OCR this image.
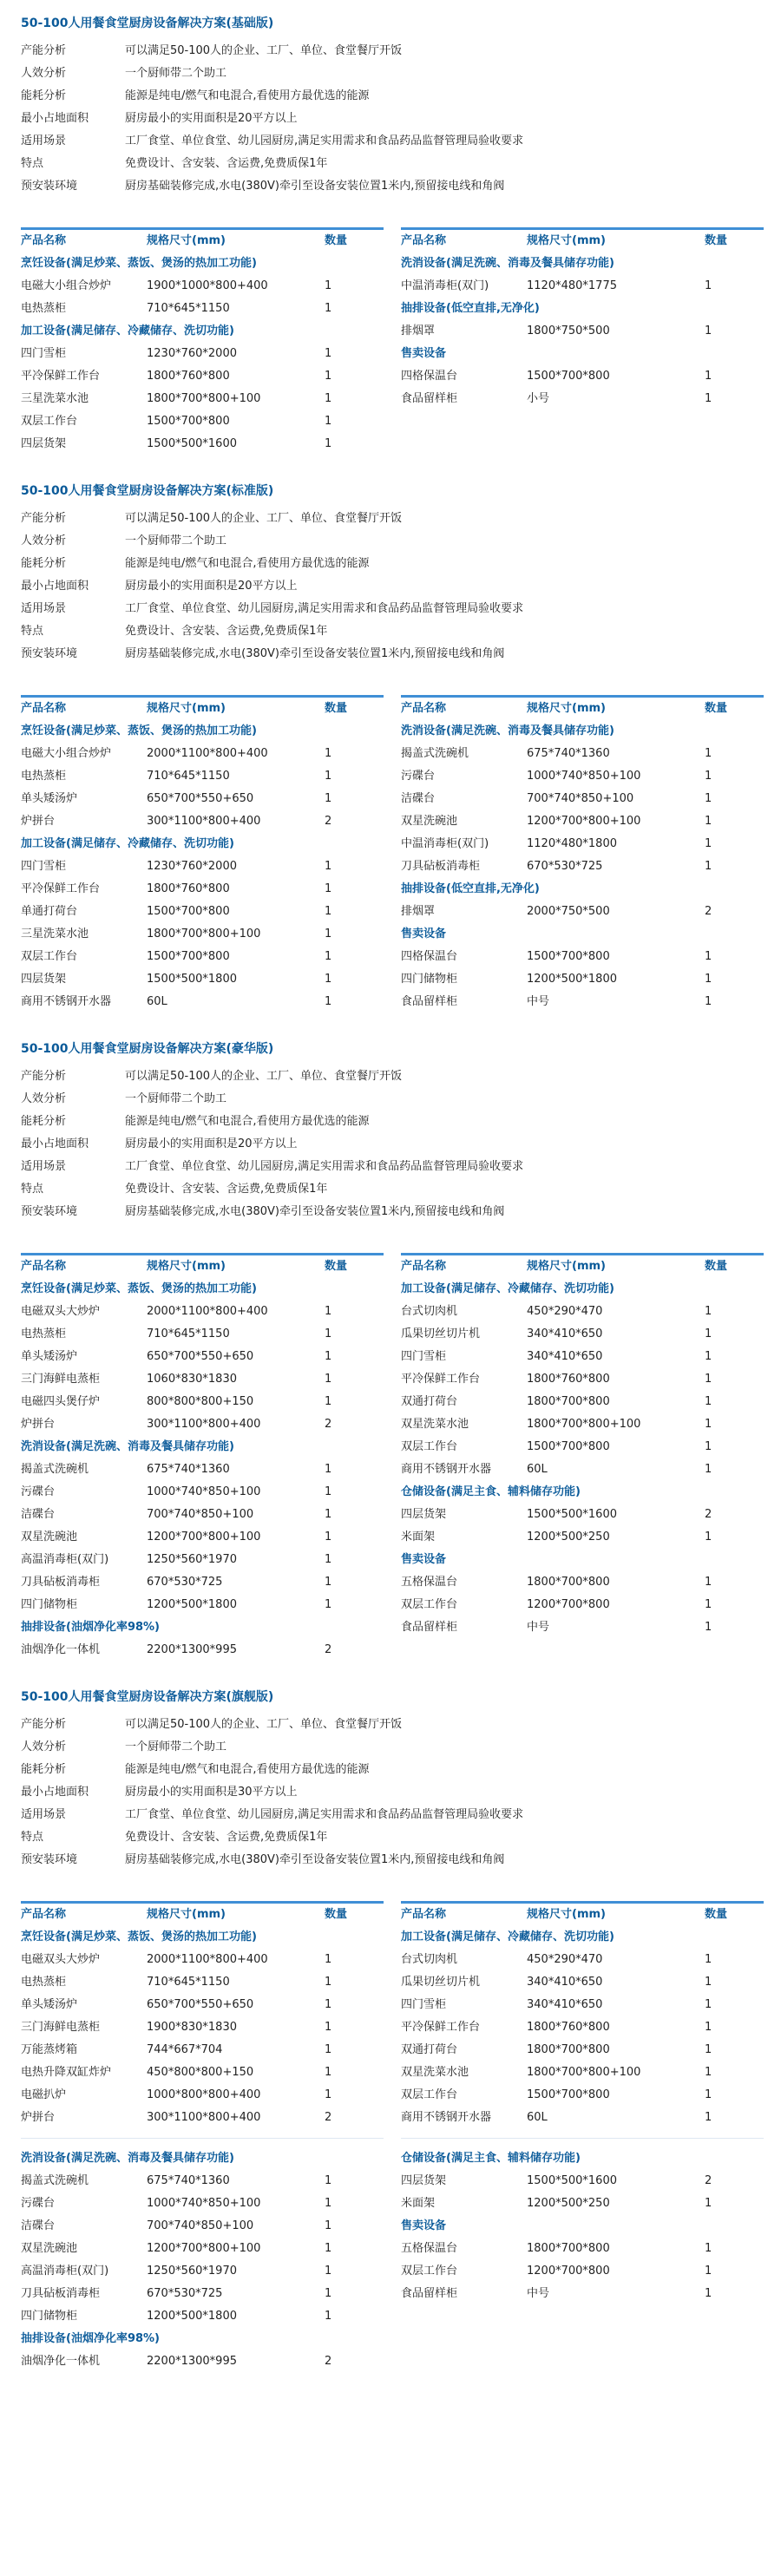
50-100人用餐食堂厨房设备解决方案(基础版)
产能分析	可以满足50-100人的企业、工厂、单位、食堂餐厅开饭
人效分析	一个厨师带二个助工
能耗分析	能源是纯电/燃气和电混合,看使用方最优选的能源
最小占地面积	厨房最小的实用面积是20平方以上
适用场景	工厂食堂、单位食堂、幼儿园厨房,满足实用需求和食品药品监督管理局验收要求
特点	免费设计、含安装、含运费,免费质保1年
预安装环境	厨房基础装修完成,水电(380V)牵引至设备安装位置1米内,预留接电线和角阀
产品名称	规格尺寸(mm)	数量
烹饪设备(满足炒菜、蒸饭、煲汤的热加工功能)
电磁大小组合炒炉	1900*1000*800+400	1
电热蒸柜	710*645*1150	1
加工设备(满足储存、冷藏储存、洗切功能)
四门雪柜	1230*760*2000	1
平冷保鲜工作台	1800*760*800	1
三星洗菜水池	1800*700*800+100	1
双层工作台	1500*700*800	1
四层货架	1500*500*1600	1
产品名称	规格尺寸(mm)	数量
洗消设备(满足洗碗、消毒及餐具储存功能)
中温消毒柜(双门)	1120*480*1775	1
抽排设备(低空直排,无净化)
排烟罩	1800*750*500	1
售卖设备
四格保温台	1500*700*800	1
食品留样柜	小号	1
50-100人用餐食堂厨房设备解决方案(标准版)
产能分析	可以满足50-100人的企业、工厂、单位、食堂餐厅开饭
人效分析	一个厨师带二个助工
能耗分析	能源是纯电/燃气和电混合,看使用方最优选的能源
最小占地面积	厨房最小的实用面积是20平方以上
适用场景	工厂食堂、单位食堂、幼儿园厨房,满足实用需求和食品药品监督管理局验收要求
特点	免费设计、含安装、含运费,免费质保1年
预安装环境	厨房基础装修完成,水电(380V)牵引至设备安装位置1米内,预留接电线和角阀
产品名称	规格尺寸(mm)	数量
烹饪设备(满足炒菜、蒸饭、煲汤的热加工功能)
电磁大小组合炒炉	2000*1100*800+400	1
电热蒸柜	710*645*1150	1
单头矮汤炉	650*700*550+650	1
炉拼台	300*1100*800+400	2
加工设备(满足储存、冷藏储存、洗切功能)
四门雪柜	1230*760*2000	1
平冷保鲜工作台	1800*760*800	1
单通打荷台	1500*700*800	1
三星洗菜水池	1800*700*800+100	1
双层工作台	1500*700*800	1
四层货架	1500*500*1800	1
商用不锈钢开水器	60L	1
产品名称	规格尺寸(mm)	数量
洗消设备(满足洗碗、消毒及餐具储存功能)
揭盖式洗碗机	675*740*1360	1
污碟台	1000*740*850+100	1
洁碟台	700*740*850+100	1
双星洗碗池	1200*700*800+100	1
中温消毒柜(双门)	1120*480*1800	1
刀具砧板消毒柜	670*530*725	1
抽排设备(低空直排,无净化)
排烟罩	2000*750*500	2
售卖设备
四格保温台	1500*700*800	1
四门储物柜	1200*500*1800	1
食品留样柜	中号	1
50-100人用餐食堂厨房设备解决方案(豪华版)
产能分析	可以满足50-100人的企业、工厂、单位、食堂餐厅开饭
人效分析	一个厨师带二个助工
能耗分析	能源是纯电/燃气和电混合,看使用方最优选的能源
最小占地面积	厨房最小的实用面积是20平方以上
适用场景	工厂食堂、单位食堂、幼儿园厨房,满足实用需求和食品药品监督管理局验收要求
特点	免费设计、含安装、含运费,免费质保1年
预安装环境	厨房基础装修完成,水电(380V)牵引至设备安装位置1米内,预留接电线和角阀
产品名称	规格尺寸(mm)	数量
烹饪设备(满足炒菜、蒸饭、煲汤的热加工功能)
电磁双头大炒炉	2000*1100*800+400	1
电热蒸柜	710*645*1150	1
单头矮汤炉	650*700*550+650	1
三门海鲜电蒸柜	1060*830*1830	1
电磁四头煲仔炉	800*800*800+150	1
炉拼台	300*1100*800+400	2
洗消设备(满足洗碗、消毒及餐具储存功能)
揭盖式洗碗机	675*740*1360	1
污碟台	1000*740*850+100	1
洁碟台	700*740*850+100	1
双星洗碗池	1200*700*800+100	1
高温消毒柜(双门)	1250*560*1970	1
刀具砧板消毒柜	670*530*725	1
四门储物柜	1200*500*1800	1
抽排设备(油烟净化率98%)
油烟净化一体机	2200*1300*995	2
产品名称	规格尺寸(mm)	数量
加工设备(满足储存、冷藏储存、洗切功能)
台式切肉机	450*290*470	1
瓜果切丝切片机	340*410*650	1
四门雪柜	340*410*650	1
平冷保鲜工作台	1800*760*800	1
双通打荷台	1800*700*800	1
双星洗菜水池	1800*700*800+100	1
双层工作台	1500*700*800	1
商用不锈钢开水器	60L	1
仓储设备(满足主食、辅料储存功能)
四层货架	1500*500*1600	2
米面架	1200*500*250	1
售卖设备
五格保温台	1800*700*800	1
双层工作台	1200*700*800	1
食品留样柜	中号	1
50-100人用餐食堂厨房设备解决方案(旗舰版)
产能分析	可以满足50-100人的企业、工厂、单位、食堂餐厅开饭
人效分析	一个厨师带二个助工
能耗分析	能源是纯电/燃气和电混合,看使用方最优选的能源
最小占地面积	厨房最小的实用面积是30平方以上
适用场景	工厂食堂、单位食堂、幼儿园厨房,满足实用需求和食品药品监督管理局验收要求
特点	免费设计、含安装、含运费,免费质保1年
预安装环境	厨房基础装修完成,水电(380V)牵引至设备安装位置1米内,预留接电线和角阀
产品名称	规格尺寸(mm)	数量
烹饪设备(满足炒菜、蒸饭、煲汤的热加工功能)
电磁双头大炒炉	2000*1100*800+400	1
电热蒸柜	710*645*1150	1
单头矮汤炉	650*700*550+650	1
三门海鲜电蒸柜	1900*830*1830	1
万能蒸烤箱	744*667*704	1
电热升降双缸炸炉	450*800*800+150	1
电磁扒炉	1000*800*800+400	1
炉拼台	300*1100*800+400	2
洗消设备(满足洗碗、消毒及餐具储存功能)
揭盖式洗碗机	675*740*1360	1
污碟台	1000*740*850+100	1
洁碟台	700*740*850+100	1
双星洗碗池	1200*700*800+100	1
高温消毒柜(双门)	1250*560*1970	1
刀具砧板消毒柜	670*530*725	1
四门储物柜	1200*500*1800	1
抽排设备(油烟净化率98%)
油烟净化一体机	2200*1300*995	2
产品名称	规格尺寸(mm)	数量
加工设备(满足储存、冷藏储存、洗切功能)
台式切肉机	450*290*470	1
瓜果切丝切片机	340*410*650	1
四门雪柜	340*410*650	1
平冷保鲜工作台	1800*760*800	1
双通打荷台	1800*700*800	1
双星洗菜水池	1800*700*800+100	1
双层工作台	1500*700*800	1
商用不锈钢开水器	60L	1
仓储设备(满足主食、辅料储存功能)
四层货架	1500*500*1600	2
米面架	1200*500*250	1
售卖设备
五格保温台	1800*700*800	1
双层工作台	1200*700*800	1
食品留样柜	中号	1
